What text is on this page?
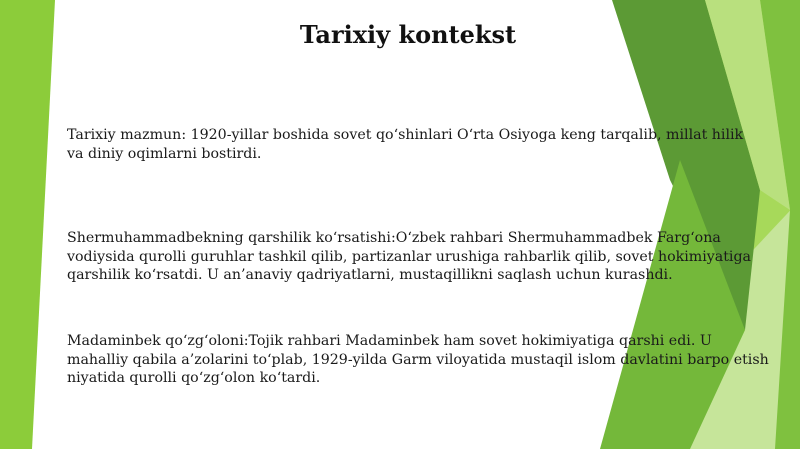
Tarixiy kontekst

Tarixiy mazmun: 1920-yillar boshida sovet qo‘shinlari O‘rta Osiyoga keng tarqalib, millat hilik va diniy oqimlarni bostirdi.

Shermuhammadbekning qarshilik ko‘rsatishi:O‘zbek rahbari Shermuhammadbek Farg‘ona vodiysida qurolli guruhlar tashkil qilib, partizanlar urushiga rahbarlik qilib, sovet hokimiyatiga qarshilik ko‘rsatdi. U an’anaviy qadriyatlarni, mustaqillikni saqlash uchun kurashdi.

Madaminbek qo‘zg‘oloni:Tojik rahbari Madaminbek ham sovet hokimiyatiga qarshi edi. U mahalliy qabila a’zolarini to‘plab, 1929-yilda Garm viloyatida mustaqil islom davlatini barpo etish niyatida qurolli qo‘zg‘olon ko‘tardi.
